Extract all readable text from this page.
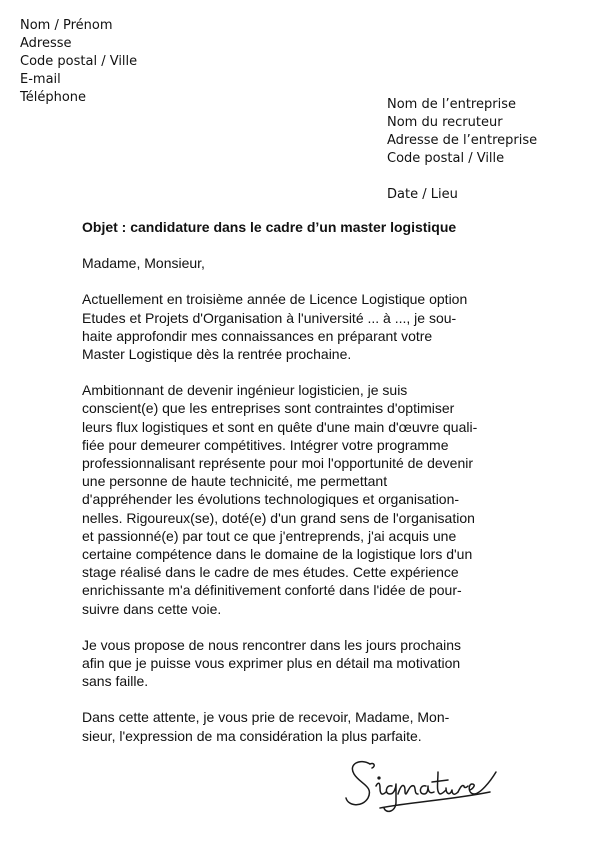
Nom / Prénom
Adresse
Code postal / Ville
E-mail
Téléphone	Nom de l’entreprise
Nom du recruteur
Adresse de l’entreprise
Code postal / Ville
Date / Lieu
Objet : candidature dans le cadre d’un master logistique
Madame, Monsieur,
Actuellement en troisième année de Licence Logistique option
Etudes et Projets d'Organisation à l'université ... à ..., je sou-
haite approfondir mes connaissances en préparant votre
Master Logistique dès la rentrée prochaine.
Ambitionnant de devenir ingénieur logisticien, je suis
conscient(e) que les entreprises sont contraintes d'optimiser
leurs flux logistiques et sont en quête d'une main d'œuvre quali-
fiée pour demeurer compétitives. Intégrer votre programme
professionnalisant représente pour moi l'opportunité de devenir
une personne de haute technicité, me permettant
d'appréhender les évolutions technologiques et organisation-
nelles. Rigoureux(se), doté(e) d'un grand sens de l'organisation
et passionné(e) par tout ce que j'entreprends, j'ai acquis une
certaine compétence dans le domaine de la logistique lors d'un
stage réalisé dans le cadre de mes études. Cette expérience
enrichissante m'a définitivement conforté dans l'idée de pour-
suivre dans cette voie.
Je vous propose de nous rencontrer dans les jours prochains
afin que je puisse vous exprimer plus en détail ma motivation
sans faille.
Dans cette attente, je vous prie de recevoir, Madame, Mon-
sieur, l'expression de ma considération la plus parfaite.
